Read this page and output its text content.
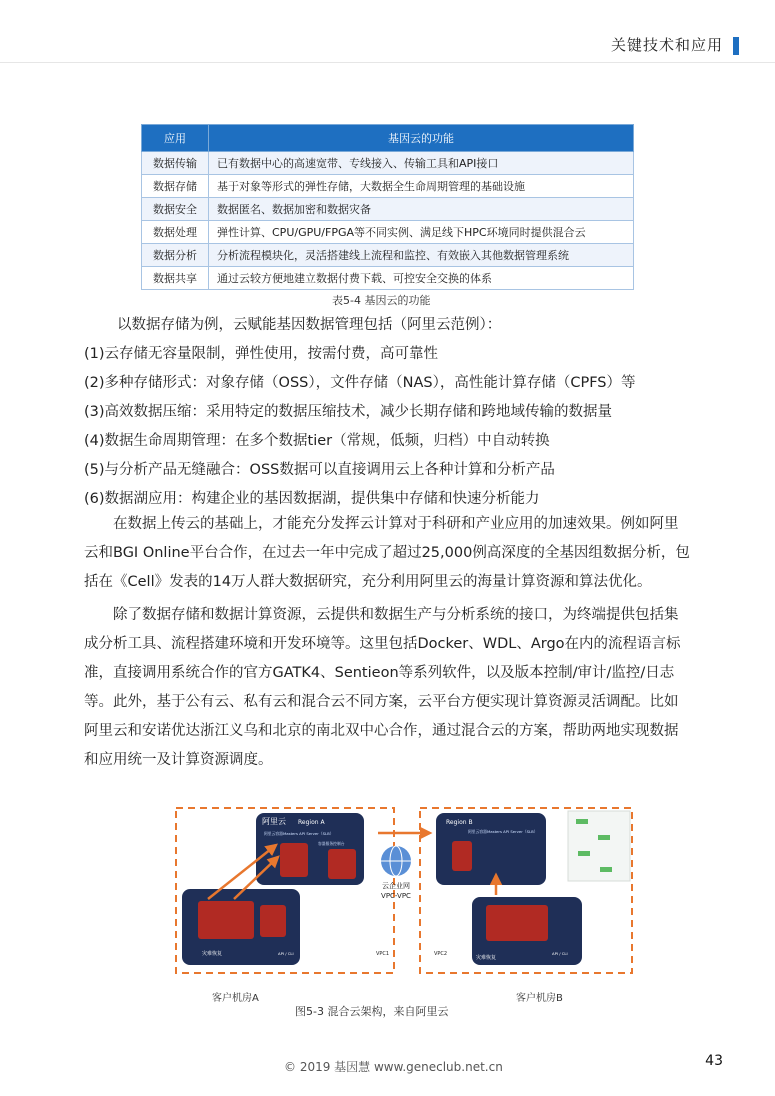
关键技术和应用
应用	基因云的功能
数据传输	已有数据中心的高速宽带、专线接入、传输工具和API接口
数据存储	基于对象等形式的弹性存储，大数据全生命周期管理的基础设施
数据安全	数据匿名、数据加密和数据灾备
数据处理	弹性计算、CPU/GPU/FPGA等不同实例、满足线下HPC环境同时提供混合云
数据分析	分析流程模块化，灵活搭建线上流程和监控、有效嵌入其他数据管理系统
数据共享	通过云较方便地建立数据付费下载、可控安全交换的体系
表5-4 基因云的功能

以数据存储为例，云赋能基因数据管理包括（阿里云范例）：

(1)云存储无容量限制，弹性使用，按需付费，高可靠性

(2)多种存储形式：对象存储（OSS），文件存储（NAS），高性能计算存储（CPFS）等

(3)高效数据压缩：采用特定的数据压缩技术，减少长期存储和跨地域传输的数据量

(4)数据生命周期管理：在多个数据tier（常规，低频，归档）中自动转换

(5)与分析产品无缝融合：OSS数据可以直接调用云上各种计算和分析产品

(6)数据湖应用：构建企业的基因数据湖，提供集中存储和快速分析能力

在数据上传云的基础上，才能充分发挥云计算对于科研和产业应用的加速效果。例如阿里云和BGI Online平台合作，在过去一年中完成了超过25,000例高深度的全基因组数据分析，包括在《Cell》发表的14万人群大数据研究，充分利用阿里云的海量计算资源和算法优化。

除了数据存储和数据计算资源，云提供和数据生产与分析系统的接口，为终端提供包括集成分析工具、流程搭建环境和开发环境等。这里包括Docker、WDL、Argo在内的流程语言标准，直接调用系统合作的官方GATK4、Sentieon等系列软件，以及版本控制/审计/监控/日志等。此外，基于公有云、私有云和混合云不同方案，云平台方便实现计算资源灵活调配。比如阿里云和安诺优达浙江义乌和北京的南北双中心合作，通过混合云的方案，帮助两地实现数据和应用统一及计算资源调度。

阿里云 Region A
阿里云容器Masters API Server（SLB）
容器服务控制台
Region B
阿里云容器Masters API Server（SLB）
灾难恢复	API / CLI
灾难恢复
API / CLI
云企业网
VPC-VPC
VPC1	VPC2
客户机房A	客户机房B
图5-3 混合云架构，来自阿里云
© 2019 基因慧 www.geneclub.net.cn	43
